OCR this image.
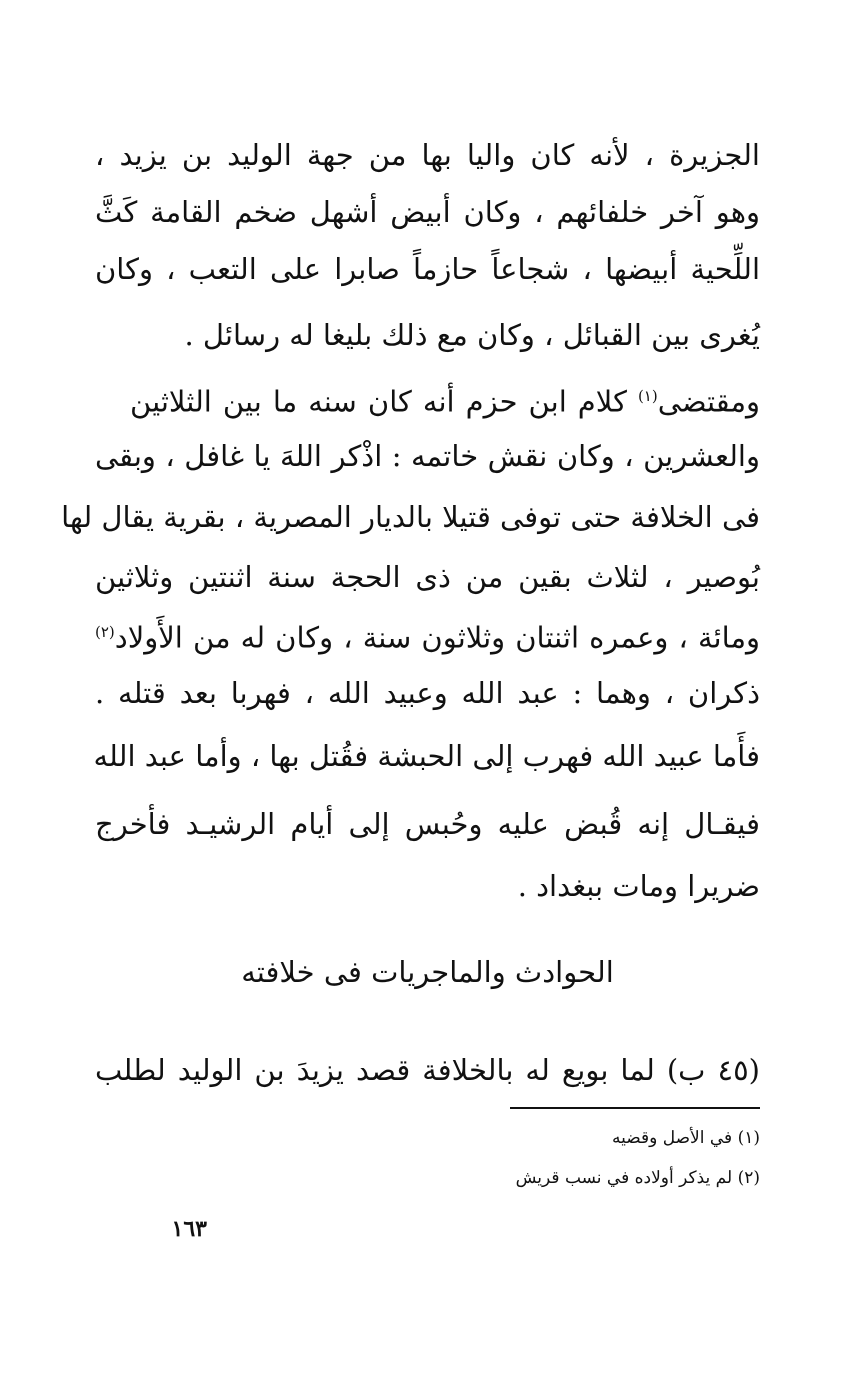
الجزيرة ، لأنه كان واليا بها من جهة الوليد بن يزيد ،
وهو آخر خلفائهم ، وكان أبيض أشهل ضخم القامة كَثَّ
اللِّحية أبيضها ، شجاعاً حازماً صابرا على التعب ، وكان
يُغرى بين القبائل ، وكان مع ذلك بليغا له رسائل .
ومقتضى$^{(١)}$ كلام ابن حزم أنه كان سنه ما بين الثلاثين
والعشرين ، وكان نقش خاتمه : اذْكر اللهَ يا غافل ، وبقى
فى الخلافة حتى توفى قتيلا بالديار المصرية ، بقرية يقال لها
بُوصير ، لثلاث بقين من ذى الحجة سنة اثنتين وثلاثين
ومائة ، وعمره اثنتان وثلاثون سنة ، وكان له من الأَولاد$^{(٢)}$
ذكران ، وهما : عبد الله وعبيد الله ، فهربا بعد قتله .
فأَما عبيد الله فهرب إلى الحبشة فقُتل بها ، وأما عبد الله
فيقـال إنه قُبض عليه وحُبس إلى أيام الرشيـد فأخرج
ضريرا ومات ببغداد .
الحوادث والماجريات فى خلافته
(٤٥ ب) لما بويع له بالخلافة قصد يزيدَ بن الوليد لطلب
(١) في الأصل وقضيه
(٢) لم يذكر أولاده في نسب قريش
١٦٣
